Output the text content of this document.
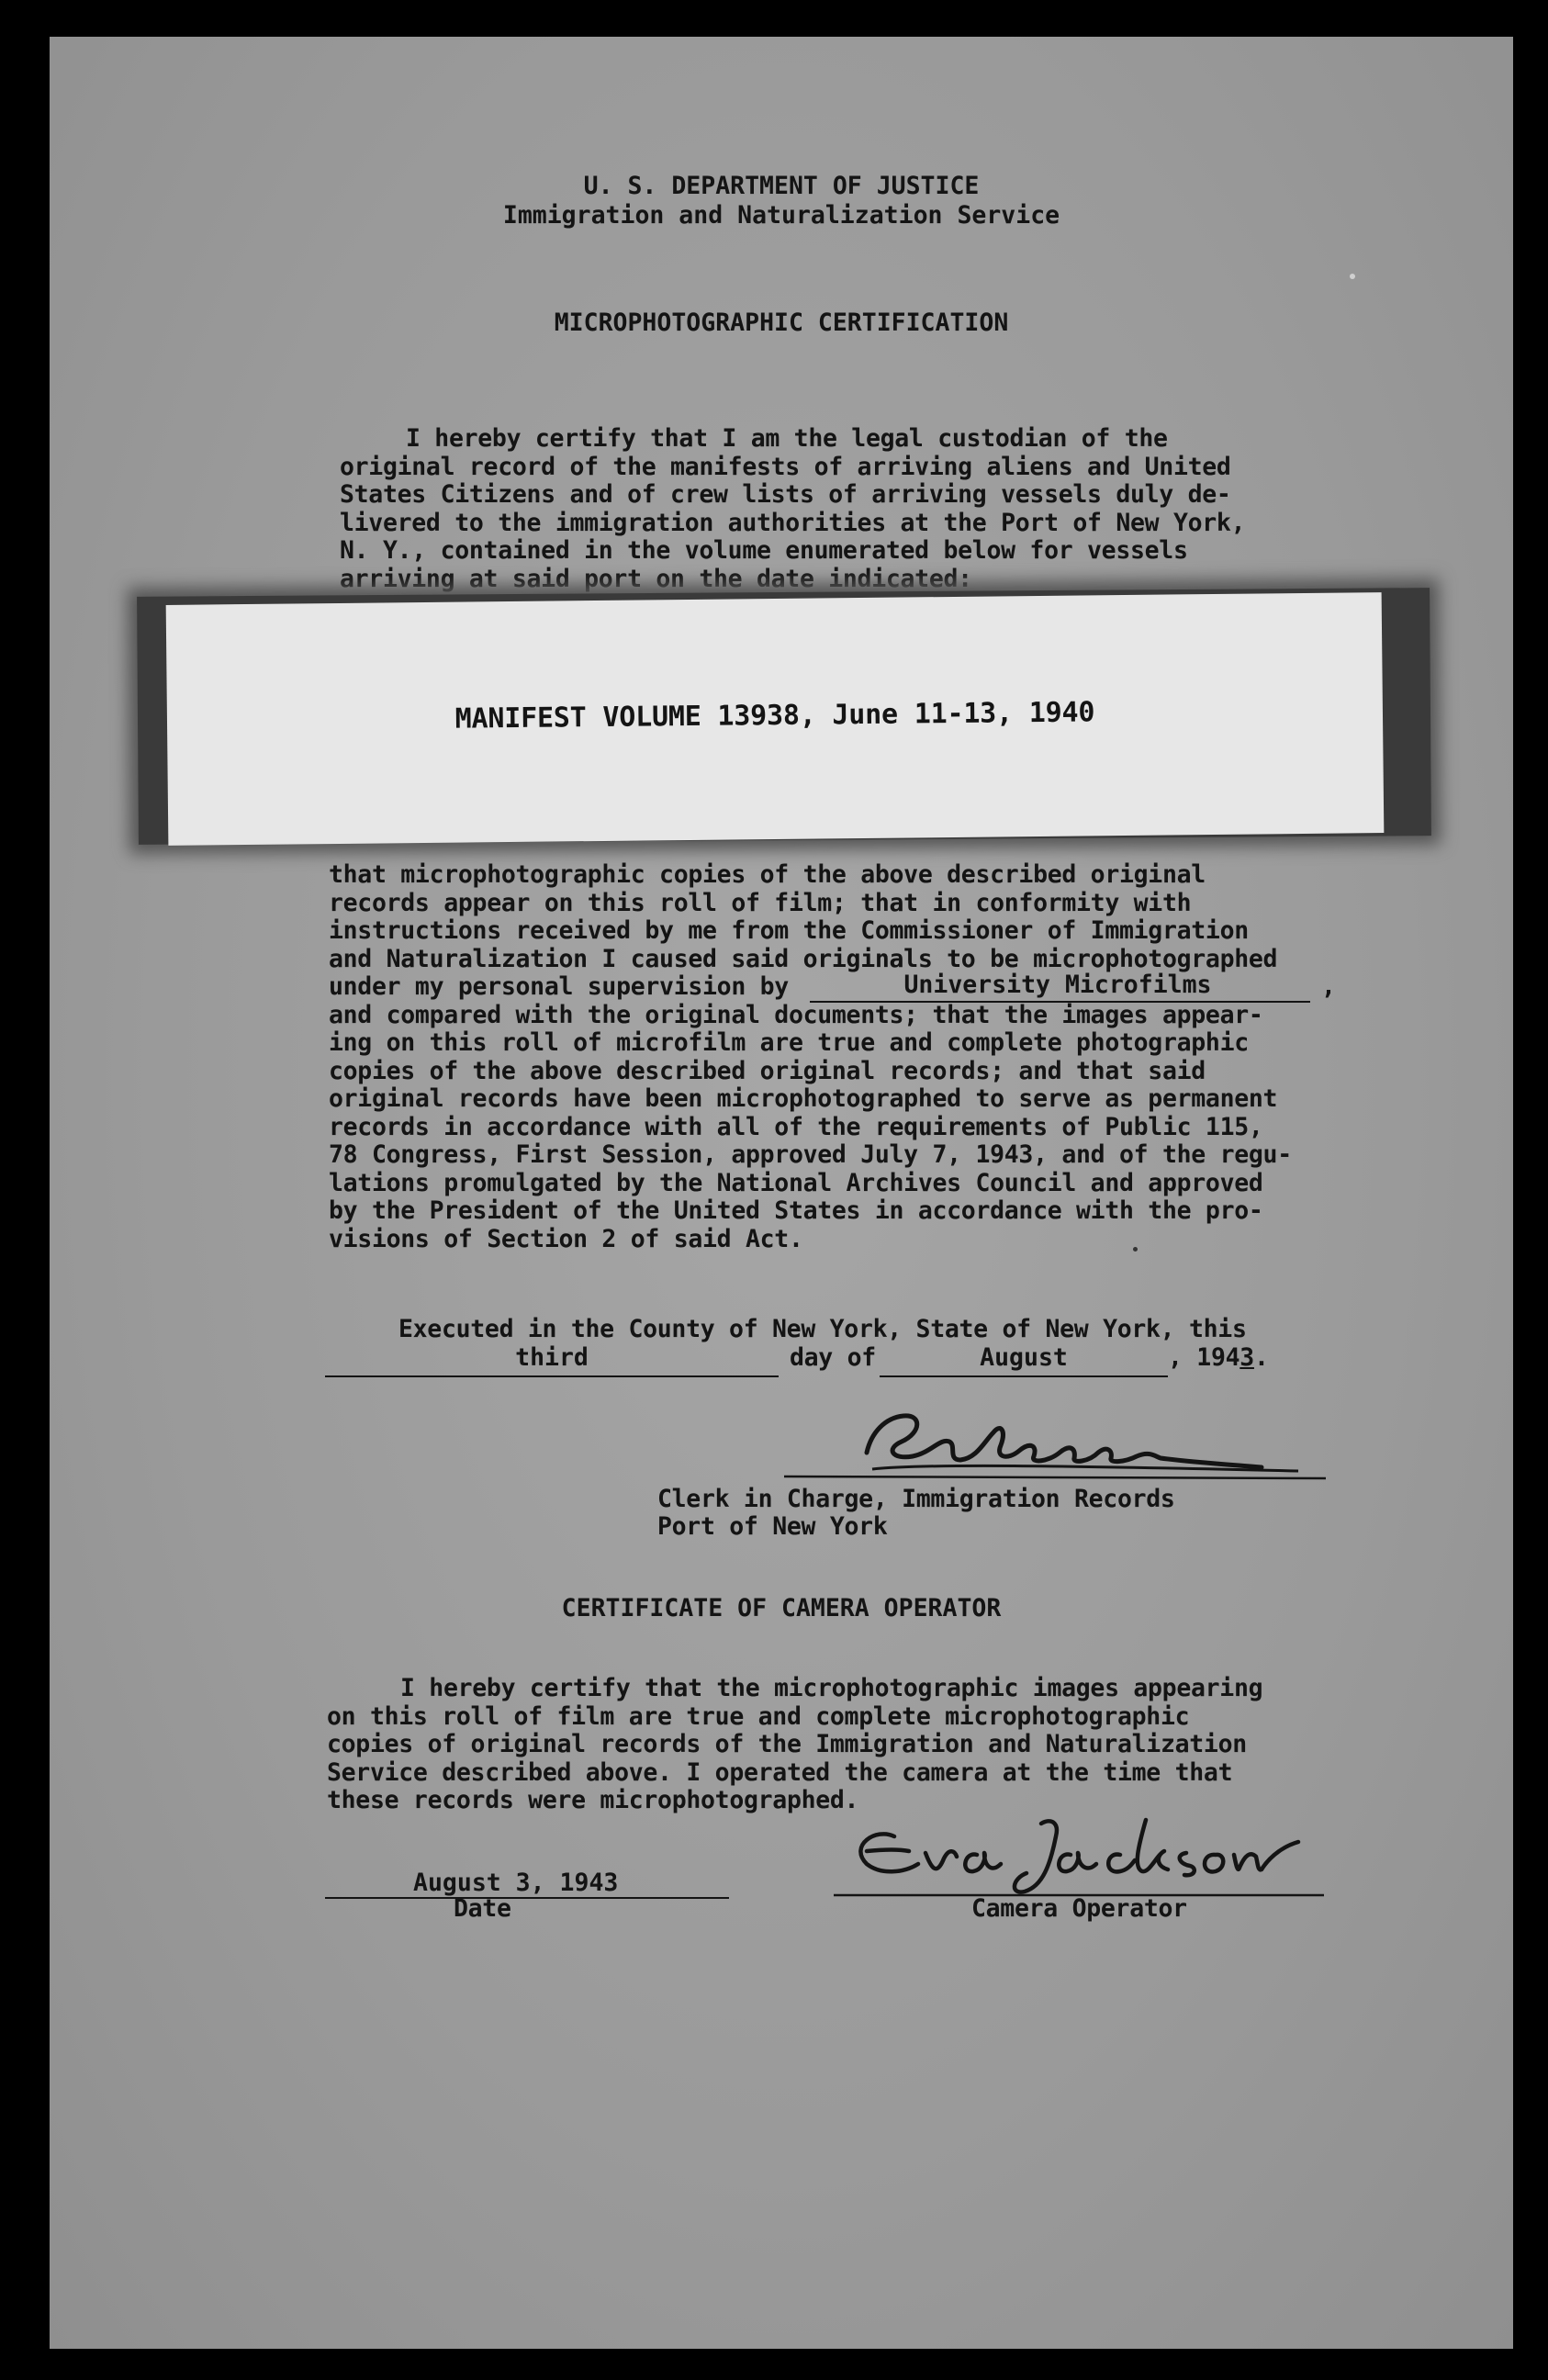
U. S. DEPARTMENT OF JUSTICE

Immigration and Naturalization Service

MICROPHOTOGRAPHIC CERTIFICATION

I hereby certify that I am the legal custodian of the
original record of the manifests of arriving aliens and United
States Citizens and of crew lists of arriving vessels duly de-
livered to the immigration authorities at the Port of New York,
N. Y., contained in the volume enumerated below for vessels
arriving at said port on the date indicated:
MANIFEST VOLUME 13938, June 11-13, 1940
that microphotographic copies of the above described original
records appear on this roll of film; that in conformity with
instructions received by me from the Commissioner of Immigration
and Naturalization I caused said originals to be microphotographed
under my personal supervision by	,
and compared with the original documents; that the images appear-
ing on this roll of microfilm are true and complete photographic
copies of the above described original records; and that said
original records have been microphotographed to serve as permanent
records in accordance with all of the requirements of Public 115,
78 Congress, First Session, approved July 7, 1943, and of the regu-
lations promulgated by the National Archives Council and approved
by the President of the United States in accordance with the pro-
visions of Section 2 of said Act.
University Microfilms

Executed in the County of New York, State of New York, this

third	day of	August	, 1943.

Clerk in Charge, Immigration Records

Port of New York

CERTIFICATE OF CAMERA OPERATOR

I hereby certify that the microphotographic images appearing
on this roll of film are true and complete microphotographic
copies of original records of the Immigration and Naturalization
Service described above. I operated the camera at the time that
these records were microphotographed.
August 3, 1943

Date	Camera Operator
